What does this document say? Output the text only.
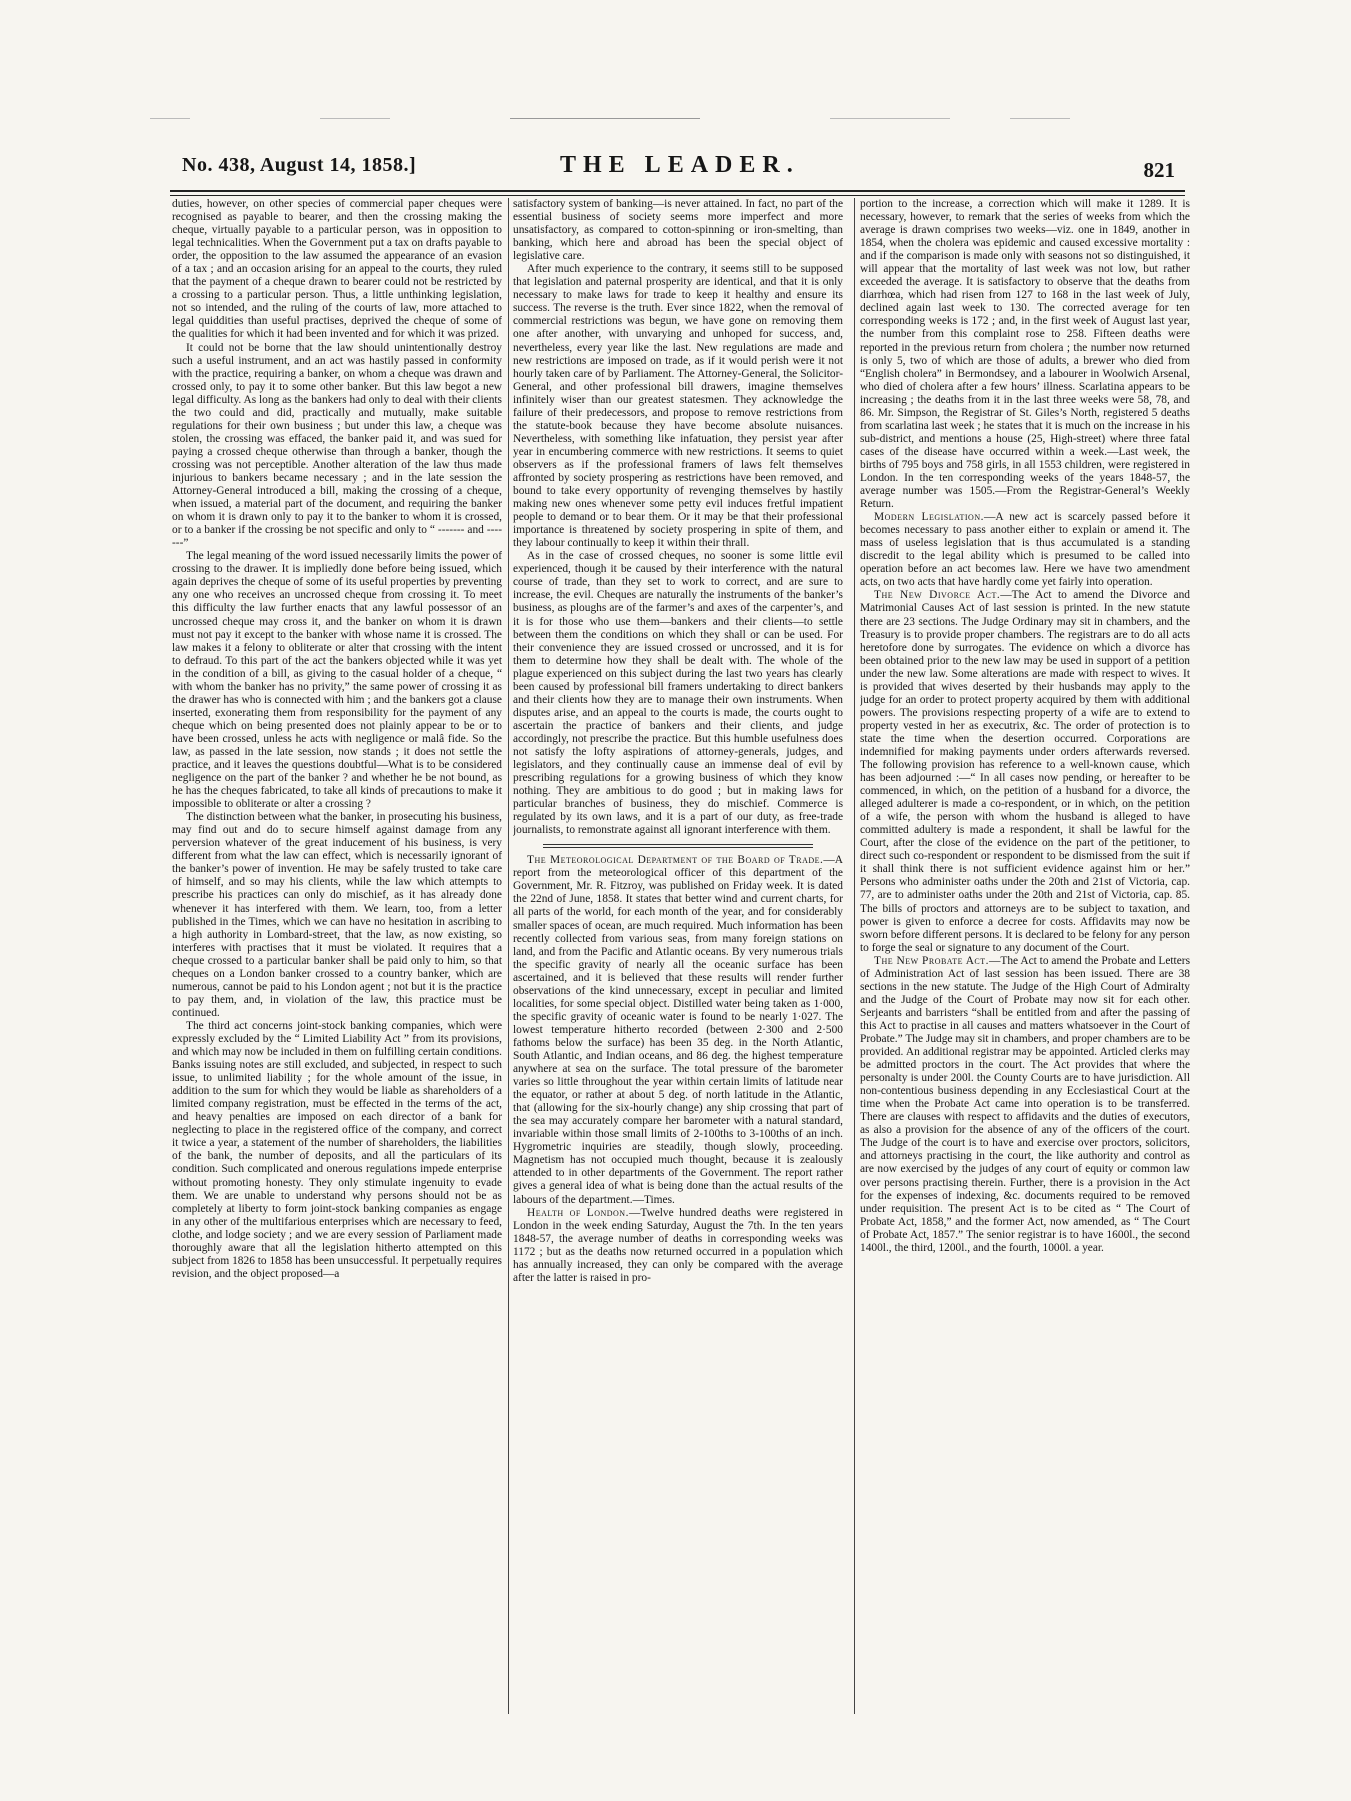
No. 438, August 14, 1858.]	THE LEADER.	821

duties, however, on other species of commercial paper cheques were recognised as payable to bearer, and then the crossing making the cheque, virtually payable to a particular person, was in opposition to legal technicalities. When the Government put a tax on drafts payable to order, the opposition to the law assumed the appearance of an evasion of a tax ; and an occasion arising for an appeal to the courts, they ruled that the payment of a cheque drawn to bearer could not be restricted by a crossing to a particular person. Thus, a little unthinking legislation, not so intended, and the ruling of the courts of law, more attached to legal quiddities than useful practises, deprived the cheque of some of the qualities for which it had been invented and for which it was prized.

It could not be borne that the law should unintentionally destroy such a useful instrument, and an act was hastily passed in conformity with the practice, requiring a banker, on whom a cheque was drawn and crossed only, to pay it to some other banker. But this law begot a new legal difficulty. As long as the bankers had only to deal with their clients the two could and did, practically and mutually, make suitable regulations for their own business ; but under this law, a cheque was stolen, the crossing was effaced, the banker paid it, and was sued for paying a crossed cheque otherwise than through a banker, though the crossing was not perceptible. Another alteration of the law thus made injurious to bankers became necessary ; and in the late session the Attorney-General introduced a bill, making the crossing of a cheque, when issued, a material part of the document, and requiring the banker on whom it is drawn only to pay it to the banker to whom it is crossed, or to a banker if the crossing be not specific and only to “ ------- and -------”

The legal meaning of the word issued necessarily limits the power of crossing to the drawer. It is impliedly done before being issued, which again deprives the cheque of some of its useful properties by preventing any one who receives an uncrossed cheque from crossing it. To meet this difficulty the law further enacts that any lawful possessor of an uncrossed cheque may cross it, and the banker on whom it is drawn must not pay it except to the banker with whose name it is crossed. The law makes it a felony to obliterate or alter that crossing with the intent to defraud. To this part of the act the bankers objected while it was yet in the condition of a bill, as giving to the casual holder of a cheque, “ with whom the banker has no privity,” the same power of crossing it as the drawer has who is connected with him ; and the bankers got a clause inserted, exonerating them from responsibility for the payment of any cheque which on being presented does not plainly appear to be or to have been crossed, unless he acts with negligence or malâ fide. So the law, as passed in the late session, now stands ; it does not settle the practice, and it leaves the questions doubtful—What is to be considered negligence on the part of the banker ? and whether he be not bound, as he has the cheques fabricated, to take all kinds of precautions to make it impossible to obliterate or alter a crossing ?

The distinction between what the banker, in prosecuting his business, may find out and do to secure himself against damage from any perversion whatever of the great inducement of his business, is very different from what the law can effect, which is necessarily ignorant of the banker’s power of invention. He may be safely trusted to take care of himself, and so may his clients, while the law which attempts to prescribe his practices can only do mischief, as it has already done whenever it has interfered with them. We learn, too, from a letter published in the Times, which we can have no hesitation in ascribing to a high authority in Lombard-street, that the law, as now existing, so interferes with practises that it must be violated. It requires that a cheque crossed to a particular banker shall be paid only to him, so that cheques on a London banker crossed to a country banker, which are numerous, cannot be paid to his London agent ; not but it is the practice to pay them, and, in violation of the law, this practice must be continued.

The third act concerns joint-stock banking companies, which were expressly excluded by the “ Limited Liability Act ” from its provisions, and which may now be included in them on fulfilling certain conditions. Banks issuing notes are still excluded, and subjected, in respect to such issue, to unlimited liability ; for the whole amount of the issue, in addition to the sum for which they would be liable as shareholders of a limited company registration, must be effected in the terms of the act, and heavy penalties are imposed on each director of a bank for neglecting to place in the registered office of the company, and correct it twice a year, a statement of the number of shareholders, the liabilities of the bank, the number of deposits, and all the particulars of its condition. Such complicated and onerous regulations impede enterprise without promoting honesty. They only stimulate ingenuity to evade them. We are unable to understand why persons should not be as completely at liberty to form joint-stock banking companies as engage in any other of the multifarious enterprises which are necessary to feed, clothe, and lodge society ; and we are every session of Parliament made thoroughly aware that all the legislation hitherto attempted on this subject from 1826 to 1858 has been unsuccessful. It perpetually requires revision, and the object proposed—a

satisfactory system of banking—is never attained. In fact, no part of the essential business of society seems more imperfect and more unsatisfactory, as compared to cotton-spinning or iron-smelting, than banking, which here and abroad has been the special object of legislative care.

After much experience to the contrary, it seems still to be supposed that legislation and paternal prosperity are identical, and that it is only necessary to make laws for trade to keep it healthy and ensure its success. The reverse is the truth. Ever since 1822, when the removal of commercial restrictions was begun, we have gone on removing them one after another, with unvarying and unhoped for success, and, nevertheless, every year like the last. New regulations are made and new restrictions are imposed on trade, as if it would perish were it not hourly taken care of by Parliament. The Attorney-General, the Solicitor-General, and other professional bill drawers, imagine themselves infinitely wiser than our greatest statesmen. They acknowledge the failure of their predecessors, and propose to remove restrictions from the statute-book because they have become absolute nuisances. Nevertheless, with something like infatuation, they persist year after year in encumbering commerce with new restrictions. It seems to quiet observers as if the professional framers of laws felt themselves affronted by society prospering as restrictions have been removed, and bound to take every opportunity of revenging themselves by hastily making new ones whenever some petty evil induces fretful impatient people to demand or to bear them. Or it may be that their professional importance is threatened by society prospering in spite of them, and they labour continually to keep it within their thrall.

As in the case of crossed cheques, no sooner is some little evil experienced, though it be caused by their interference with the natural course of trade, than they set to work to correct, and are sure to increase, the evil. Cheques are naturally the instruments of the banker’s business, as ploughs are of the farmer’s and axes of the carpenter’s, and it is for those who use them—bankers and their clients—to settle between them the conditions on which they shall or can be used. For their convenience they are issued crossed or uncrossed, and it is for them to determine how they shall be dealt with. The whole of the plague experienced on this subject during the last two years has clearly been caused by professional bill framers undertaking to direct bankers and their clients how they are to manage their own instruments. When disputes arise, and an appeal to the courts is made, the courts ought to ascertain the practice of bankers and their clients, and judge accordingly, not prescribe the practice. But this humble usefulness does not satisfy the lofty aspirations of attorney-generals, judges, and legislators, and they continually cause an immense deal of evil by prescribing regulations for a growing business of which they know nothing. They are ambitious to do good ; but in making laws for particular branches of business, they do mischief. Commerce is regulated by its own laws, and it is a part of our duty, as free-trade journalists, to remonstrate against all ignorant interference with them.

The Meteorological Department of the Board of Trade.—A report from the meteorological officer of this department of the Government, Mr. R. Fitzroy, was published on Friday week. It is dated the 22nd of June, 1858. It states that better wind and current charts, for all parts of the world, for each month of the year, and for considerably smaller spaces of ocean, are much required. Much information has been recently collected from various seas, from many foreign stations on land, and from the Pacific and Atlantic oceans. By very numerous trials the specific gravity of nearly all the oceanic surface has been ascertained, and it is believed that these results will render further observations of the kind unnecessary, except in peculiar and limited localities, for some special object. Distilled water being taken as 1·000, the specific gravity of oceanic water is found to be nearly 1·027. The lowest temperature hitherto recorded (between 2·300 and 2·500 fathoms below the surface) has been 35 deg. in the North Atlantic, South Atlantic, and Indian oceans, and 86 deg. the highest temperature anywhere at sea on the surface. The total pressure of the barometer varies so little throughout the year within certain limits of latitude near the equator, or rather at about 5 deg. of north latitude in the Atlantic, that (allowing for the six-hourly change) any ship crossing that part of the sea may accurately compare her barometer with a natural standard, invariable within those small limits of 2-100ths to 3-100ths of an inch. Hygrometric inquiries are steadily, though slowly, proceeding. Magnetism has not occupied much thought, because it is zealously attended to in other departments of the Government. The report rather gives a general idea of what is being done than the actual results of the labours of the department.—Times.

Health of London.—Twelve hundred deaths were registered in London in the week ending Saturday, August the 7th. In the ten years 1848-57, the average number of deaths in corresponding weeks was 1172 ; but as the deaths now returned occurred in a population which has annually increased, they can only be compared with the average after the latter is raised in pro-

portion to the increase, a correction which will make it 1289. It is necessary, however, to remark that the series of weeks from which the average is drawn comprises two weeks—viz. one in 1849, another in 1854, when the cholera was epidemic and caused excessive mortality : and if the comparison is made only with seasons not so distinguished, it will appear that the mortality of last week was not low, but rather exceeded the average. It is satisfactory to observe that the deaths from diarrhœa, which had risen from 127 to 168 in the last week of July, declined again last week to 130. The corrected average for ten corresponding weeks is 172 ; and, in the first week of August last year, the number from this complaint rose to 258. Fifteen deaths were reported in the previous return from cholera ; the number now returned is only 5, two of which are those of adults, a brewer who died from “English cholera” in Bermondsey, and a labourer in Woolwich Arsenal, who died of cholera after a few hours’ illness. Scarlatina appears to be increasing ; the deaths from it in the last three weeks were 58, 78, and 86. Mr. Simpson, the Registrar of St. Giles’s North, registered 5 deaths from scarlatina last week ; he states that it is much on the increase in his sub-district, and mentions a house (25, High-street) where three fatal cases of the disease have occurred within a week.—Last week, the births of 795 boys and 758 girls, in all 1553 children, were registered in London. In the ten corresponding weeks of the years 1848-57, the average number was 1505.—From the Registrar-General’s Weekly Return.

Modern Legislation.—A new act is scarcely passed before it becomes necessary to pass another either to explain or amend it. The mass of useless legislation that is thus accumulated is a standing discredit to the legal ability which is presumed to be called into operation before an act becomes law. Here we have two amendment acts, on two acts that have hardly come yet fairly into operation.

The New Divorce Act.—The Act to amend the Divorce and Matrimonial Causes Act of last session is printed. In the new statute there are 23 sections. The Judge Ordinary may sit in chambers, and the Treasury is to provide proper chambers. The registrars are to do all acts heretofore done by surrogates. The evidence on which a divorce has been obtained prior to the new law may be used in support of a petition under the new law. Some alterations are made with respect to wives. It is provided that wives deserted by their husbands may apply to the judge for an order to protect property acquired by them with additional powers. The provisions respecting property of a wife are to extend to property vested in her as executrix, &c. The order of protection is to state the time when the desertion occurred. Corporations are indemnified for making payments under orders afterwards reversed. The following provision has reference to a well-known cause, which has been adjourned :—“ In all cases now pending, or hereafter to be commenced, in which, on the petition of a husband for a divorce, the alleged adulterer is made a co-respondent, or in which, on the petition of a wife, the person with whom the husband is alleged to have committed adultery is made a respondent, it shall be lawful for the Court, after the close of the evidence on the part of the petitioner, to direct such co-respondent or respondent to be dismissed from the suit if it shall think there is not sufficient evidence against him or her.” Persons who administer oaths under the 20th and 21st of Victoria, cap. 77, are to administer oaths under the 20th and 21st of Victoria, cap. 85. The bills of proctors and attorneys are to be subject to taxation, and power is given to enforce a decree for costs. Affidavits may now be sworn before different persons. It is declared to be felony for any person to forge the seal or signature to any document of the Court.

The New Probate Act.—The Act to amend the Probate and Letters of Administration Act of last session has been issued. There are 38 sections in the new statute. The Judge of the High Court of Admiralty and the Judge of the Court of Probate may now sit for each other. Serjeants and barristers “shall be entitled from and after the passing of this Act to practise in all causes and matters whatsoever in the Court of Probate.” The Judge may sit in chambers, and proper chambers are to be provided. An additional registrar may be appointed. Articled clerks may be admitted proctors in the court. The Act provides that where the personalty is under 200l. the County Courts are to have jurisdiction. All non-contentious business depending in any Ecclesiastical Court at the time when the Probate Act came into operation is to be transferred. There are clauses with respect to affidavits and the duties of executors, as also a provision for the absence of any of the officers of the court. The Judge of the court is to have and exercise over proctors, solicitors, and attorneys practising in the court, the like authority and control as are now exercised by the judges of any court of equity or common law over persons practising therein. Further, there is a provision in the Act for the expenses of indexing, &c. documents required to be removed under requisition. The present Act is to be cited as “ The Court of Probate Act, 1858,” and the former Act, now amended, as “ The Court of Probate Act, 1857.” The senior registrar is to have 1600l., the second 1400l., the third, 1200l., and the fourth, 1000l. a year.
